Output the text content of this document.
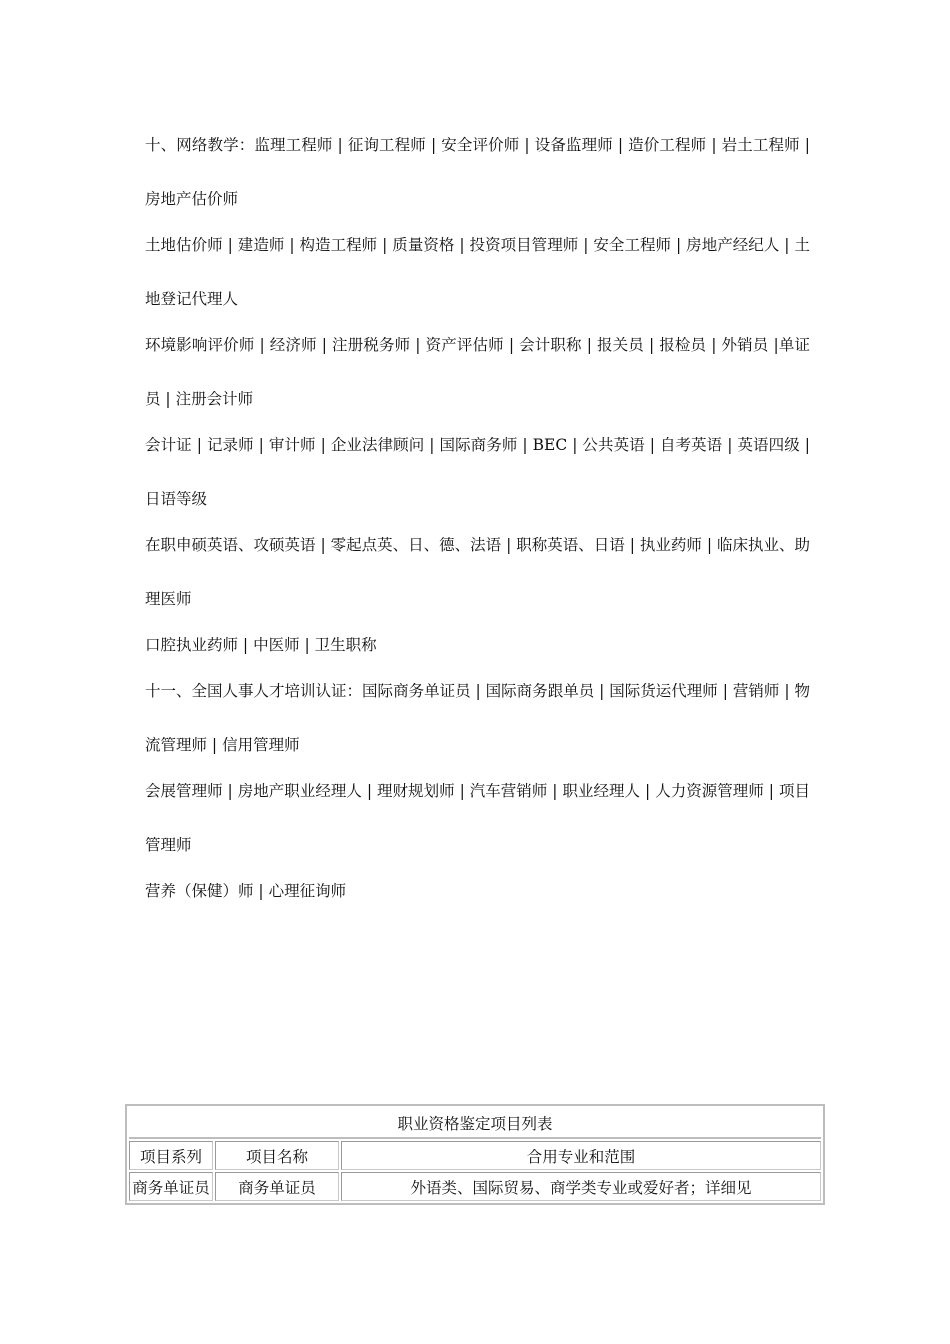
十、网络教学：监理工程师 | 征询工程师 | 安全评价师 | 设备监理师 | 造价工程师 | 岩土工程师 | 房地产估价师

土地估价师 | 建造师 | 构造工程师 | 质量资格 | 投资项目管理师 | 安全工程师 | 房地产经纪人 | 土地登记代理人

环境影响评价师 | 经济师 | 注册税务师 | 资产评估师 | 会计职称 | 报关员 | 报检员 | 外销员 |单证员 | 注册会计师

会计证 | 记录师 | 审计师 | 企业法律顾问 | 国际商务师 | BEC | 公共英语 | 自考英语 | 英语四级 | 日语等级

在职申硕英语、攻硕英语 | 零起点英、日、德、法语 | 职称英语、日语 | 执业药师 | 临床执业、助理医师

口腔执业药师 | 中医师 | 卫生职称

十一、全国人事人才培训认证：国际商务单证员 | 国际商务跟单员 | 国际货运代理师 | 营销师 | 物流管理师 | 信用管理师

会展管理师 | 房地产职业经理人 | 理财规划师 | 汽车营销师 | 职业经理人 | 人力资源管理师 | 项目管理师

营养（保健）师 | 心理征询师

职业资格鉴定项目列表		
项目系列	项目名称	合用专业和范围
商务单证员	商务单证员	外语类、国际贸易、商学类专业或爱好者；详细见
